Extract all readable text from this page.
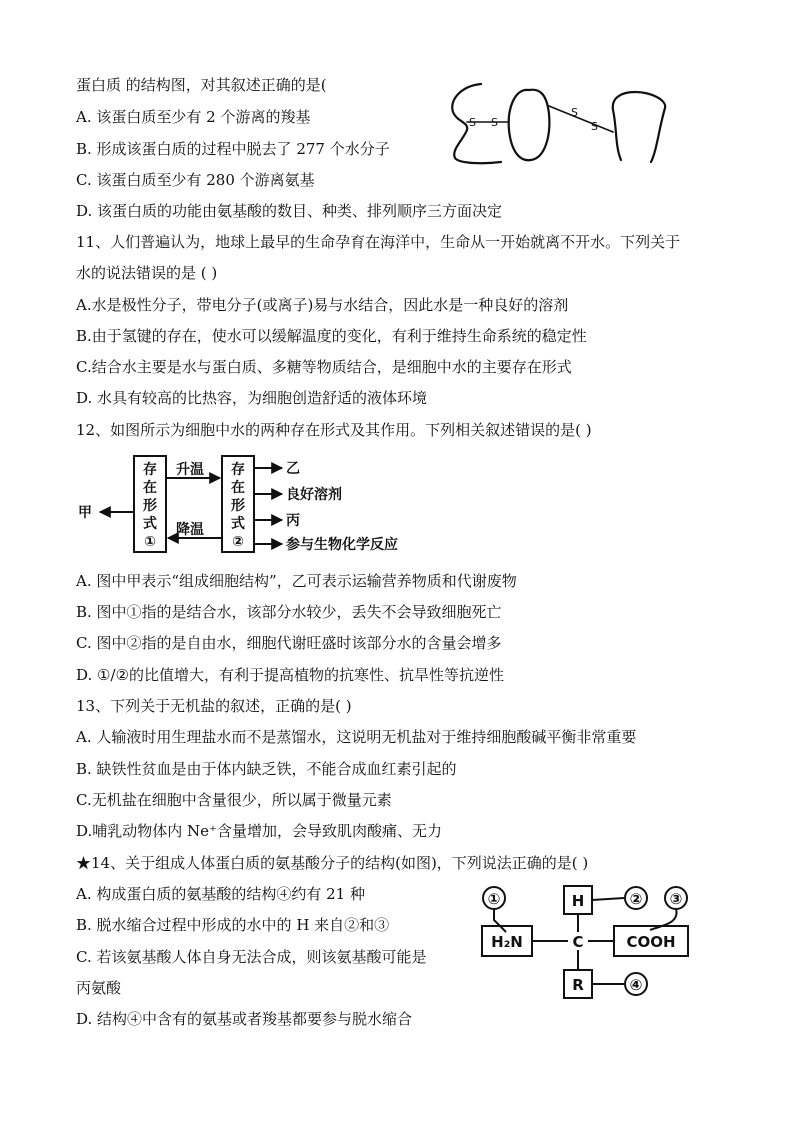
蛋白质 的结构图，对其叙述正确的是(
A. 该蛋白质至少有 2 个游离的羧基
B. 形成该蛋白质的过程中脱去了 277 个水分子
C. 该蛋白质至少有 280 个游离氨基
D. 该蛋白质的功能由氨基酸的数目、种类、排列顺序三方面决定
S S
S
S
11、人们普遍认为，地球上最早的生命孕育在海洋中，生命从一开始就离不开水。下列关于
水的说法错误的是 ( )
A.水是极性分子，带电分子(或离子)易与水结合，因此水是一种良好的溶剂
B.由于氢键的存在，使水可以缓解温度的变化，有利于维持生命系统的稳定性
C.结合水主要是水与蛋白质、多糖等物质结合，是细胞中水的主要存在形式
D. 水具有较高的比热容，为细胞创造舒适的液体环境
12、如图所示为细胞中水的两种存在形式及其作用。下列相关叙述错误的是( )
存
在
形
式
①
存
在
形
式
②
甲
升温
降温
乙
良好溶剂
丙
参与生物化学反应
A. 图中甲表示“组成细胞结构”，乙可表示运输营养物质和代谢废物
B. 图中①指的是结合水，该部分水较少，丢失不会导致细胞死亡
C. 图中②指的是自由水，细胞代谢旺盛时该部分水的含量会增多
D. ①/②的比值增大，有利于提高植物的抗寒性、抗旱性等抗逆性
13、下列关于无机盐的叙述，正确的是( )
A. 人输液时用生理盐水而不是蒸馏水，这说明无机盐对于维持细胞酸碱平衡非常重要
B. 缺铁性贫血是由于体内缺乏铁，不能合成血红素引起的
C.无机盐在细胞中含量很少，所以属于微量元素
D.哺乳动物体内 Ne⁺含量增加，会导致肌肉酸痛、无力
★14、关于组成人体蛋白质的氨基酸分子的结构(如图)，下列说法正确的是( )
A. 构成蛋白质的氨基酸的结构④约有 21 种
B. 脱水缩合过程中形成的水中的 H 来自②和③
C. 若该氨基酸人体自身无法合成，则该氨基酸可能是
丙氨酸
D. 结构④中含有的氨基或者羧基都要参与脱水缩合
H₂N	C	COOH
H
R
①	② ③
④
